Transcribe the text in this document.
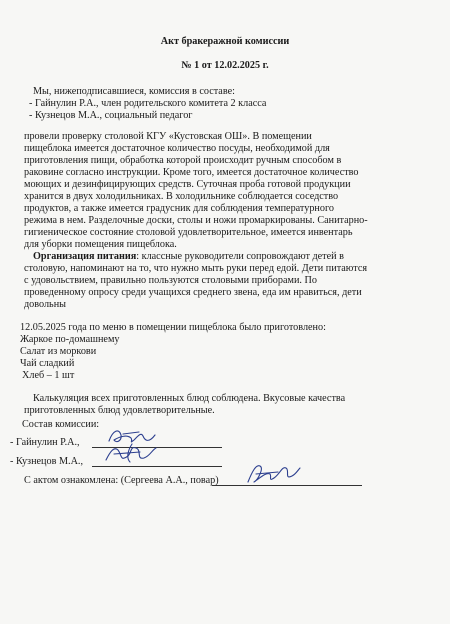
Акт бракеражной комиссии
№ 1 от 12.02.2025 г.
Мы, нижеподписавшиеся, комиссия в составе:
- Гайнулин Р.А., член родительского комитета 2 класса
- Кузнецов М.А., социальный педагог
провели проверку столовой КГУ «Кустовская ОШ». В помещении
пищеблока имеется достаточное количество посуды, необходимой для
приготовления пищи, обработка которой происходит ручным способом в
раковине согласно инструкции. Кроме того, имеется достаточное количество
моющих и дезинфицирующих средств. Суточная проба готовой продукции
хранится в двух холодильниках. В холодильнике соблюдается соседство
продуктов, а также имеется градусник для соблюдения температурного
режима в нем. Разделочные доски, столы и ножи промаркированы. Санитарно-
гигиеническое состояние столовой удовлетворительное, имеется инвентарь
для уборки помещения пищеблока.
Организация питания: классные руководители сопровождают детей в
столовую, напоминают на то, что нужно мыть руки перед едой. Дети питаются
с удовольствием, правильно пользуются столовыми приборами. По
проведенному опросу среди учащихся среднего звена, еда им нравиться, дети
довольны
12.05.2025 года по меню в помещении пищеблока было приготовлено:
Жаркое по-домашнему
Салат из моркови
Чай сладкий
Хлеб – 1 шт
Калькуляция всех приготовленных блюд соблюдена. Вкусовые качества
приготовленных блюд удовлетворительные.
Состав комиссии:
- Гайнулин Р.А.,
- Кузнецов М.А.,
С актом ознакомлена: (Сергеева А.А., повар)
